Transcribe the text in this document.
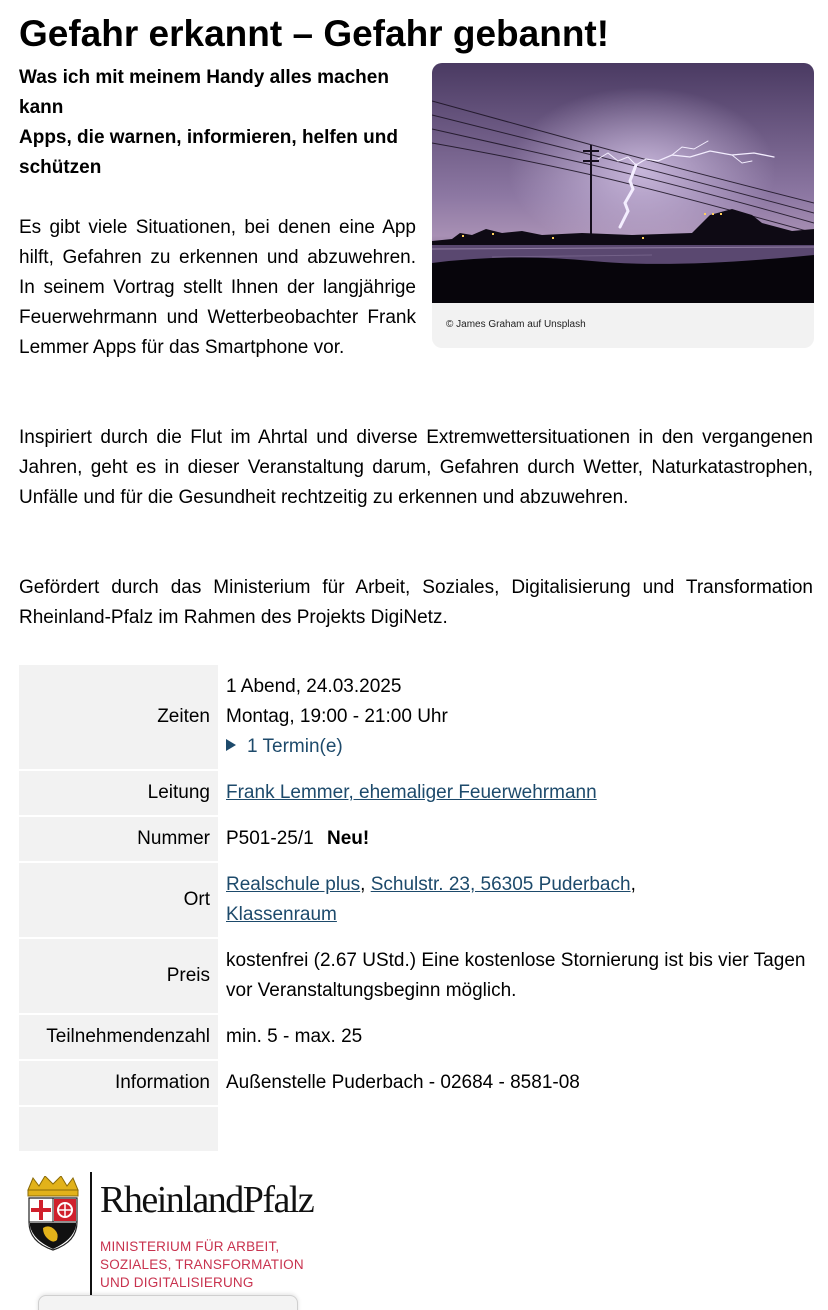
Gefahr erkannt – Gefahr gebannt!
Was ich mit meinem Handy alles machen kann
Apps, die warnen, informieren, helfen und schützen

Es gibt viele Situationen, bei denen eine App hilft, Gefahren zu erkennen und abzuwehren. In seinem Vortrag stellt Ihnen der langjährige Feuerwehrmann und Wetterbeobachter Frank Lemmer Apps für das Smartphone vor.

© James Graham auf Unsplash

Inspiriert durch die Flut im Ahrtal und diverse Extremwettersituationen in den vergangenen Jahren, geht es in dieser Veranstaltung darum, Gefahren durch Wetter, Naturkatastrophen, Unfälle und für die Gesundheit rechtzeitig zu erkennen und abzuwehren.

Gefördert durch das Ministerium für Arbeit, Soziales, Digitalisierung und Transformation Rheinland-Pfalz im Rahmen des Projekts DigiNetz.

Zeiten	1 Abend, 24.03.2025
Montag, 19:00 - 21:00 Uhr
1 Termin(e)

Leitung	Frank Lemmer, ehemaliger Feuerwehrmann
Nummer	P501-25/1 Neu!
Ort	Realschule plus, Schulstr. 23, 56305 Puderbach,
Klassenraum
Preis	kostenfrei (2.67 UStd.) Eine kostenlose Stornierung ist bis vier Tagen vor Veranstaltungsbeginn möglich.
Teilnehmendenzahl	min. 5 - max. 25
Information	Außenstelle Puderbach - 02684 - 8581-08

RheinlandPfalz
MINISTERIUM FÜR ARBEIT,
SOZIALES, TRANSFORMATION
UND DIGITALISIERUNG
